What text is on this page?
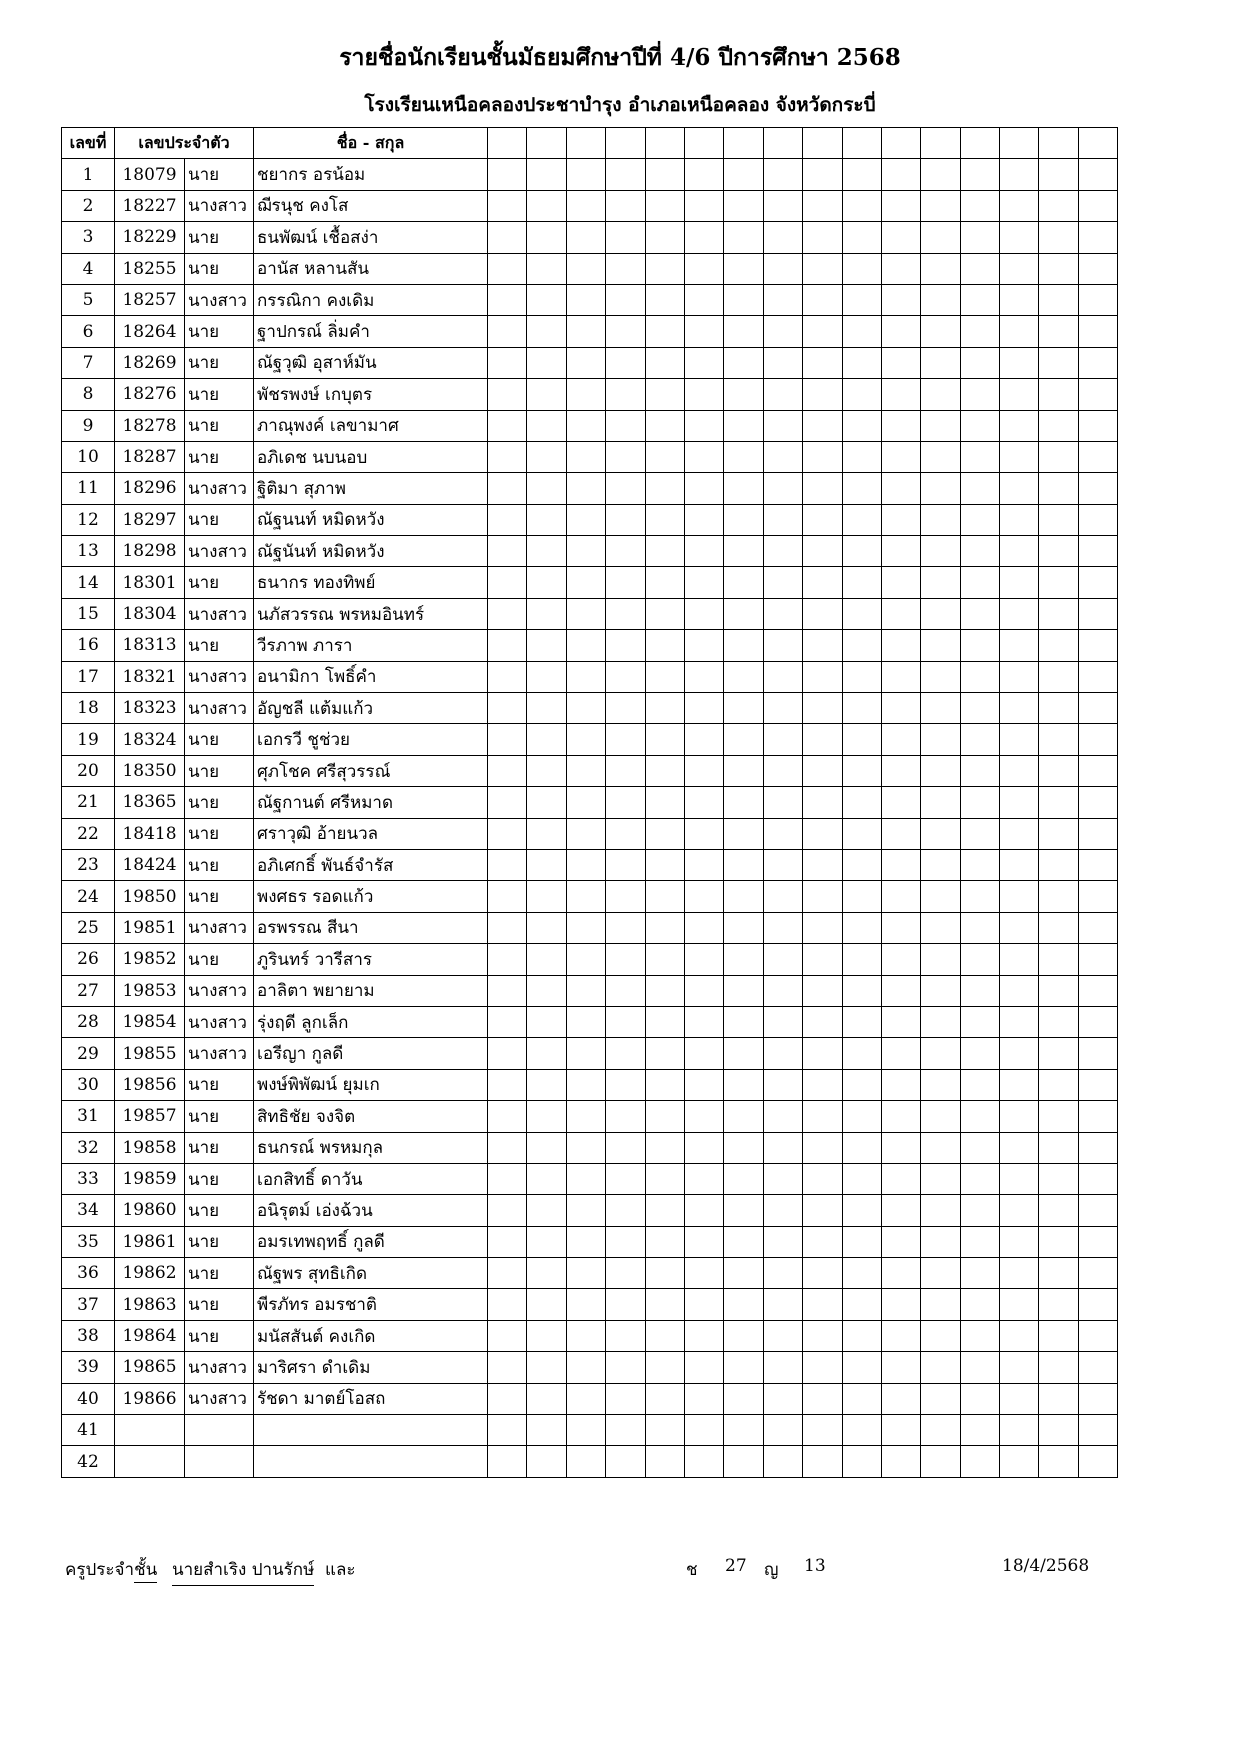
รายชื่อนักเรียนชั้นมัธยมศึกษาปีที่ 4/6 ปีการศึกษา 2568
โรงเรียนเหนือคลองประชาบำรุง อำเภอเหนือคลอง จังหวัดกระบี่
เลขที่	เลขประจำตัว		ชื่อ - สกุล																
1	18079	นาย	ชยากร อรน้อม																
2	18227	นางสาว	ฌีรนุช คงโส																
3	18229	นาย	ธนพัฒน์ เชื้อสง่า																
4	18255	นาย	อานัส หลานสัน																
5	18257	นางสาว	กรรณิกา คงเดิม																
6	18264	นาย	ฐาปกรณ์ ลิ่มคำ																
7	18269	นาย	ณัฐวุฒิ อุสาห์มัน																
8	18276	นาย	พัชรพงษ์ เกบุตร																
9	18278	นาย	ภาณุพงค์ เลขามาศ																
10	18287	นาย	อภิเดช นบนอบ																
11	18296	นางสาว	ฐิติมา สุภาพ																
12	18297	นาย	ณัฐนนท์ หมิดหวัง																
13	18298	นางสาว	ณัฐนันท์ หมิดหวัง																
14	18301	นาย	ธนากร ทองทิพย์																
15	18304	นางสาว	นภัสวรรณ พรหมอินทร์																
16	18313	นาย	วีรภาพ ภารา																
17	18321	นางสาว	อนามิกา โพธิ์คำ																
18	18323	นางสาว	อัญชลี แต้มแก้ว																
19	18324	นาย	เอกรวี ชูช่วย																
20	18350	นาย	ศุภโชค ศรีสุวรรณ์																
21	18365	นาย	ณัฐกานต์ ศรีหมาด																
22	18418	นาย	ศราวุฒิ อ้ายนวล																
23	18424	นาย	อภิเศกธิ์ พันธ์จำรัส																
24	19850	นาย	พงศธร รอดแก้ว																
25	19851	นางสาว	อรพรรณ สีนา																
26	19852	นาย	ภูรินทร์ วารีสาร																
27	19853	นางสาว	อาลิตา พยายาม																
28	19854	นางสาว	รุ่งฤดี ลูกเล็ก																
29	19855	นางสาว	เอรีญา กูลดี																
30	19856	นาย	พงษ์พิพัฒน์ ยุมเก																
31	19857	นาย	สิทธิชัย จงจิต																
32	19858	นาย	ธนกรณ์ พรหมกุล																
33	19859	นาย	เอกสิทธิ์ ดาวัน																
34	19860	นาย	อนิรุตม์ เอ่งฉ้วน																
35	19861	นาย	อมรเทพฤทธิ์ กูลดี																
36	19862	นาย	ณัฐพร สุทธิเกิด																
37	19863	นาย	พีรภัทร อมรชาติ																
38	19864	นาย	มนัสสันต์ คงเกิด																
39	19865	นางสาว	มาริศรา ดำเดิม																
40	19866	นางสาว	รัชดา มาตย์โอสถ																
41																			
42																			
ครูประจำชั้น นายสำเริง ปานรักษ์ และ	ช 27 ญ 13	18/4/2568
